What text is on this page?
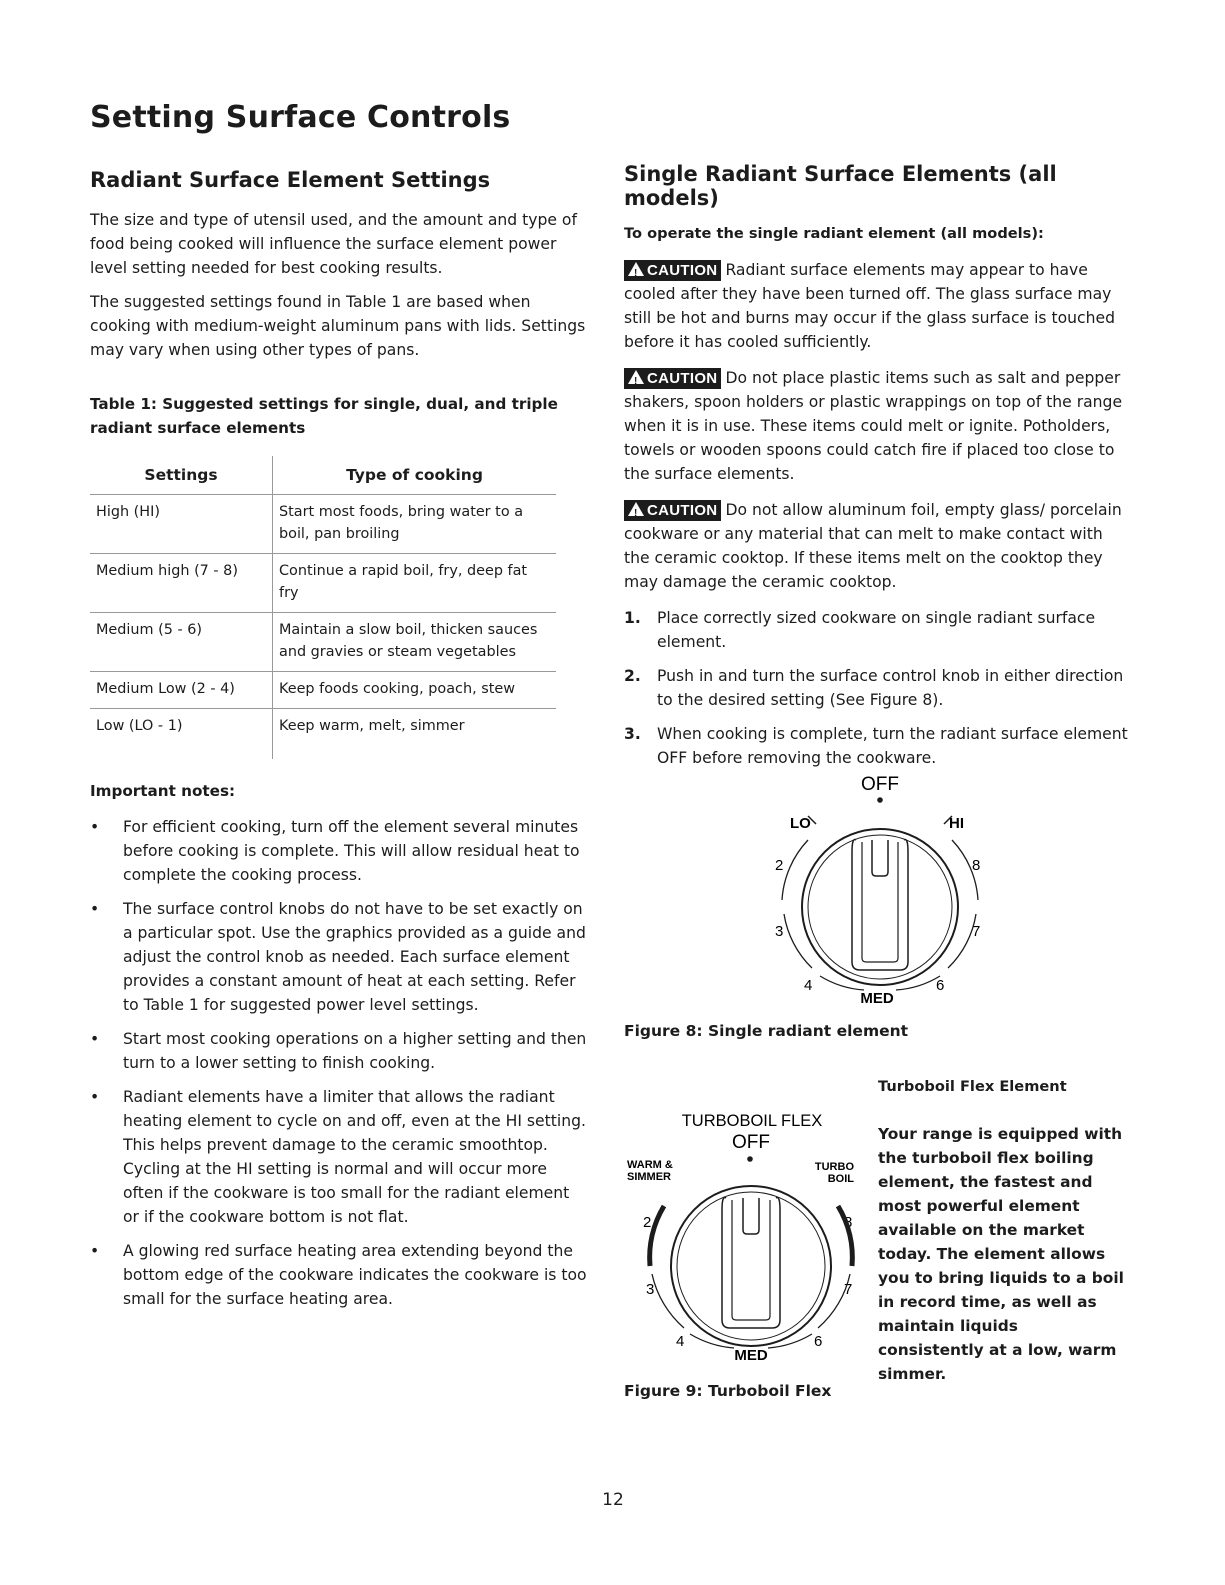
Setting Surface Controls
Radiant Surface Element Settings

The size and type of utensil used, and the amount and type of food being cooked will influence the surface element power level setting needed for best cooking results.

The suggested settings found in Table 1 are based when cooking with medium-weight aluminum pans with lids. Settings may vary when using other types of pans.

Table 1: Suggested settings for single, dual, and triple radiant surface elements

Settings	Type of cooking
High (HI)	Start most foods, bring water to a boil, pan broiling
Medium high (7 - 8)	Continue a rapid boil, fry, deep fat fry
Medium (5 - 6)	Maintain a slow boil, thicken sauces and gravies or steam vegetables
Medium Low (2 - 4)	Keep foods cooking, poach, stew
Low (LO - 1)	Keep warm, melt, simmer

Important notes:

• For efficient cooking, turn off the element several minutes before cooking is complete. This will allow residual heat to complete the cooking process.
• The surface control knobs do not have to be set exactly on a particular spot. Use the graphics provided as a guide and adjust the control knob as needed. Each surface element provides a constant amount of heat at each setting. Refer to Table 1 for suggested power level settings.
• Start most cooking operations on a higher setting and then turn to a lower setting to finish cooking.
• Radiant elements have a limiter that allows the radiant heating element to cycle on and off, even at the HI setting. This helps prevent damage to the ceramic smoothtop. Cycling at the HI setting is normal and will occur more often if the cookware is too small for the radiant element or if the cookware bottom is not flat.
• A glowing red surface heating area extending beyond the bottom edge of the cookware indicates the cookware is too small for the surface heating area.
Single Radiant Surface Elements (all models)

To operate the single radiant element (all models):

! CAUTION Radiant surface elements may appear to have cooled after they have been turned off. The glass surface may still be hot and burns may occur if the glass surface is touched before it has cooled sufficiently.

! CAUTION Do not place plastic items such as salt and pepper shakers, spoon holders or plastic wrappings on top of the range when it is in use. These items could melt or ignite. Potholders, towels or wooden spoons could catch fire if placed too close to the surface elements.

! CAUTION Do not allow aluminum foil, empty glass/ porcelain cookware or any material that can melt to make contact with the ceramic cooktop. If these items melt on the cooktop they may damage the ceramic cooktop.

1. Place correctly sized cookware on single radiant surface element.
2. Push in and turn the surface control knob in either direction to the desired setting (See Figure 8).
3. When cooking is complete, turn the radiant surface element OFF before removing the cookware.
OFF
LO	HI
2	8
3	7
4	6
MED

Figure 8: Single radiant element

TURBOBOIL FLEX
OFF
WARM &
SIMMER
TURBO
BOIL
2	8
3	7
4	6
MED

Figure 9: Turboboil Flex

Turboboil Flex Element

Your range is equipped with the turboboil flex boiling element, the fastest and most powerful element available on the market today. The element allows you to bring liquids to a boil in record time, as well as maintain liquids consistently at a low, warm simmer.

12
